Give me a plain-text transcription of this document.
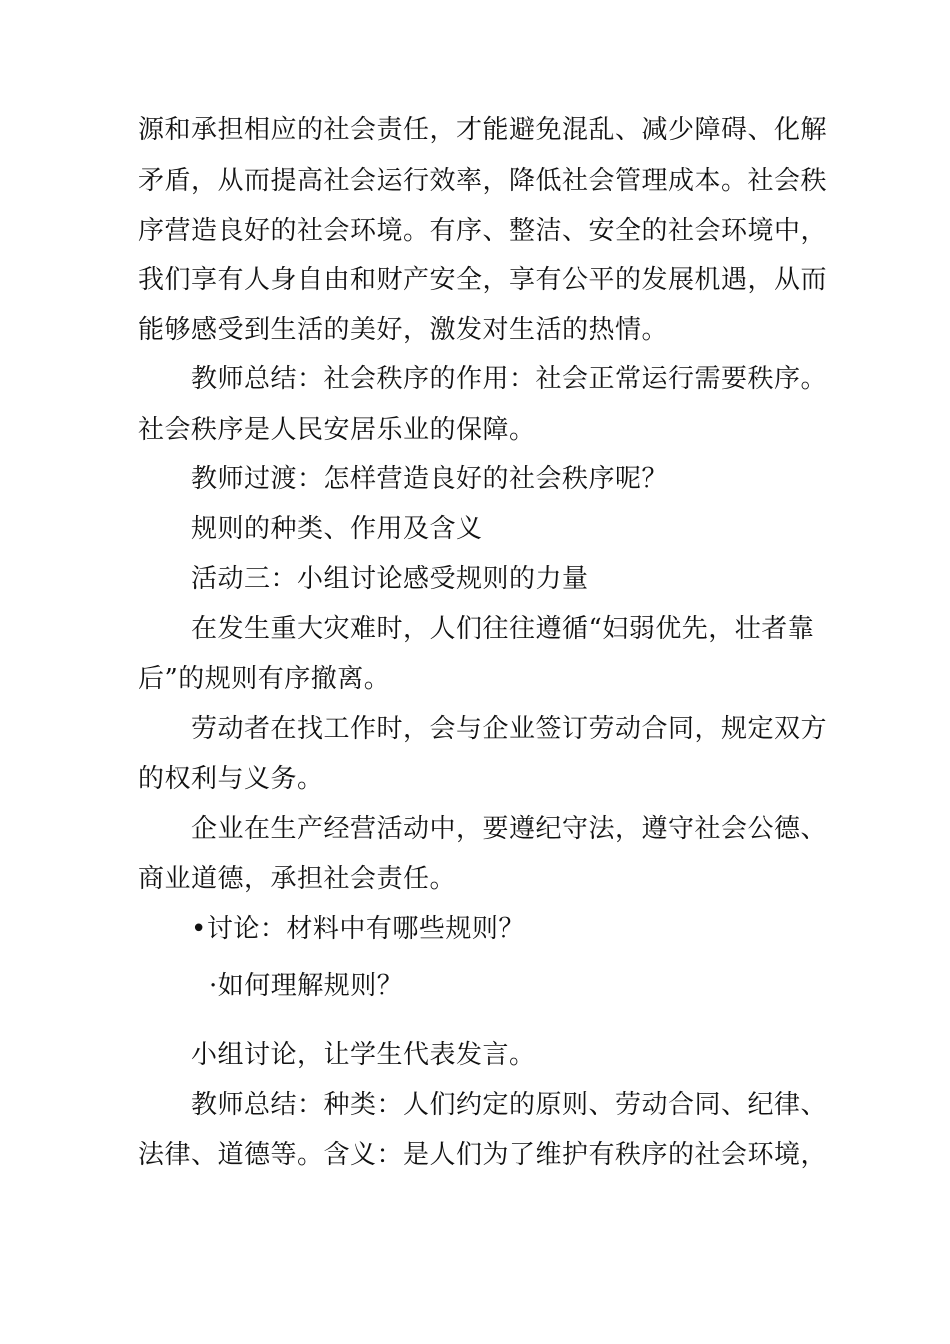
源和承担相应的社会责任，才能避免混乱、减少障碍、化解
矛盾，从而提高社会运行效率，降低社会管理成本。社会秩
序营造良好的社会环境。有序、整洁、安全的社会环境中，
我们享有人身自由和财产安全，享有公平的发展机遇，从而
能够感受到生活的美好，激发对生活的热情。
教师总结：社会秩序的作用：社会正常运行需要秩序。
社会秩序是人民安居乐业的保障。
教师过渡：怎样营造良好的社会秩序呢？
规则的种类、作用及含义
活动三：小组讨论感受规则的力量
在发生重大灾难时，人们往往遵循“妇弱优先，壮者靠
后”的规则有序撤离。
劳动者在找工作时，会与企业签订劳动合同，规定双方
的权利与义务。
企业在生产经营活动中，要遵纪守法，遵守社会公德、
商业道德，承担社会责任。
•讨论：材料中有哪些规则？
·如何理解规则？
小组讨论，让学生代表发言。
教师总结：种类：人们约定的原则、劳动合同、纪律、
法律、道德等。含义：是人们为了维护有秩序的社会环境，
